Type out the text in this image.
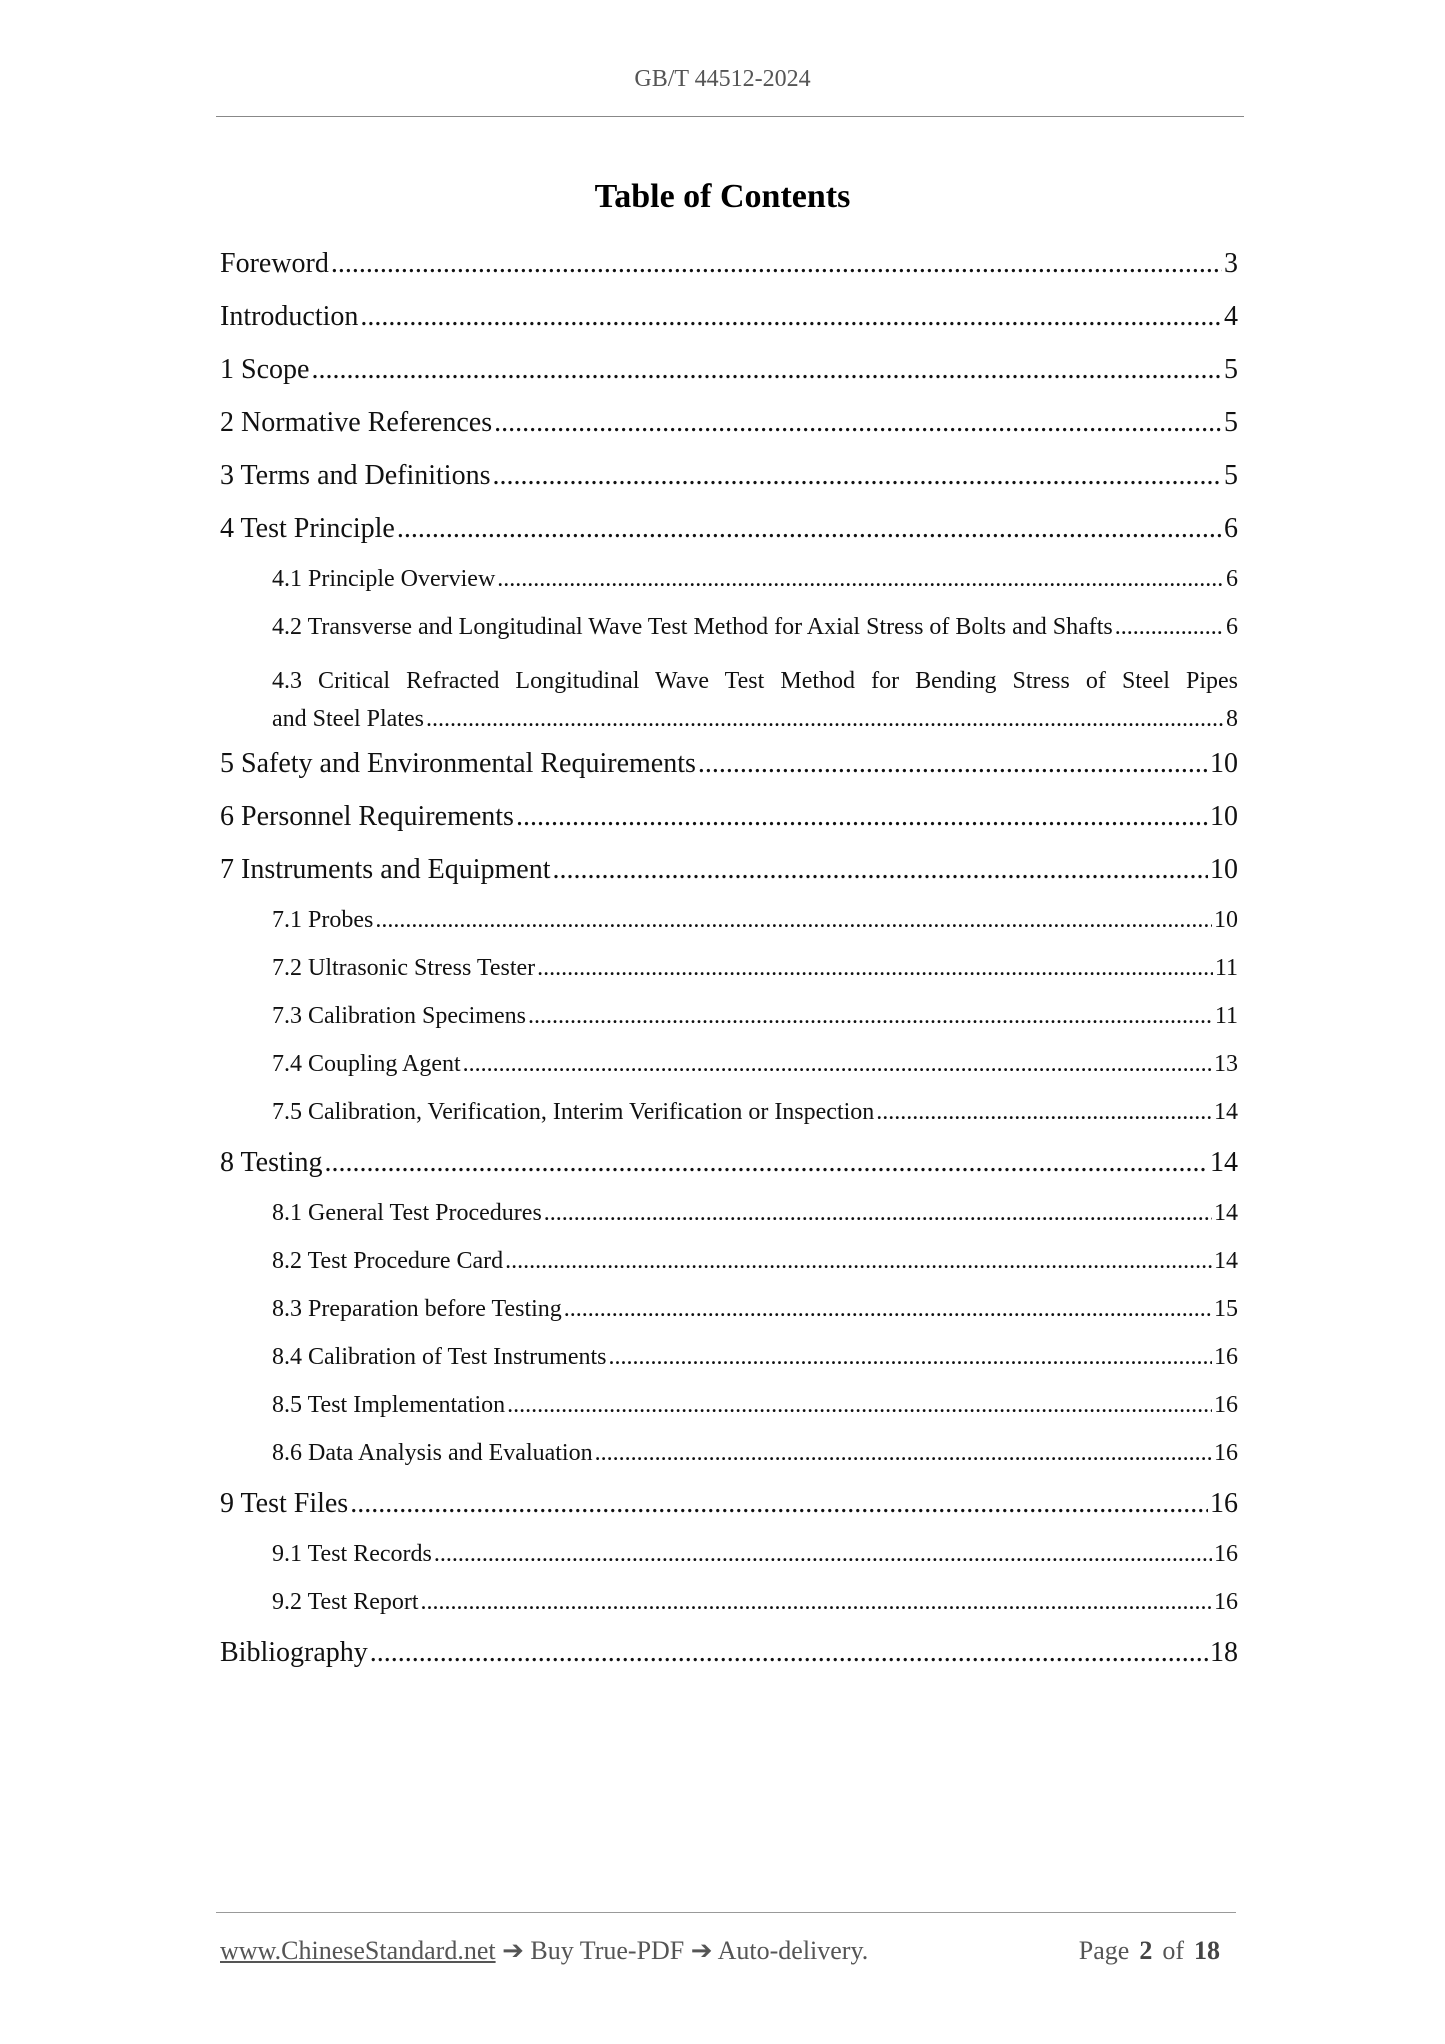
GB/T 44512-2024
Table of Contents
Foreword .....	3
Introduction .....	4
1 Scope .....	5
2 Normative References .....	5
3 Terms and Definitions .....	5
4 Test Principle .....	6
4.1 Principle Overview .....	6
4.2 Transverse and Longitudinal Wave Test Method for Axial Stress of Bolts and Shafts .....	6
4.3 Critical Refracted Longitudinal Wave Test Method for Bending Stress of Steel Pipes
and Steel Plates .....	8
5 Safety and Environmental Requirements .....	10
6 Personnel Requirements .....	10
7 Instruments and Equipment .....	10
7.1 Probes .....	10
7.2 Ultrasonic Stress Tester .....	11
7.3 Calibration Specimens .....	11
7.4 Coupling Agent .....	13
7.5 Calibration, Verification, Interim Verification or Inspection .....	14
8 Testing .....	14
8.1 General Test Procedures .....	14
8.2 Test Procedure Card .....	14
8.3 Preparation before Testing .....	15
8.4 Calibration of Test Instruments .....	16
8.5 Test Implementation .....	16
8.6 Data Analysis and Evaluation .....	16
9 Test Files .....	16
9.1 Test Records .....	16
9.2 Test Report .....	16
Bibliography .....	18
www.ChineseStandard.net ➔ Buy True-PDF ➔ Auto-delivery.	Page 2 of 18
